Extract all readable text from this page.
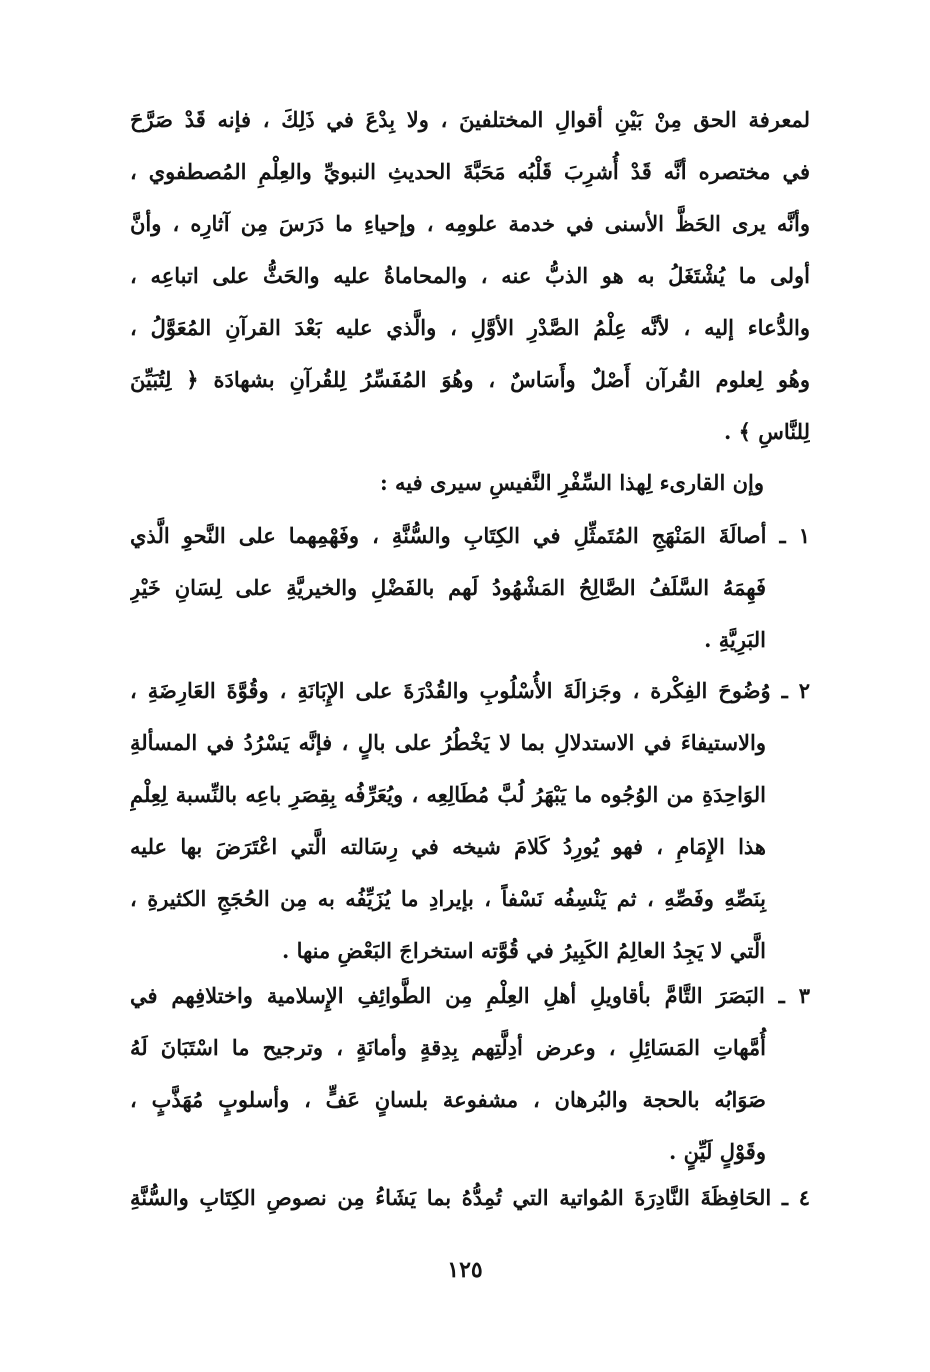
لمعرفة الحق مِنْ بَيْنِ أقوالِ المختلفينَ ، ولا بِدْعَ في ذَلِكَ ، فإنه قَدْ صَرَّحَ
في مختصره أنَّه قَدْ أُشرِبَ قَلْبُه مَحَبَّةَ الحديثِ النبويِّ والعِلْمِ المُصطفوي ،
وأنَّه يرى الحَظَّ الأسنى في خدمة علومِه ، وإحياءِ ما دَرَسَ مِن آثارِه ، وأنَّ
أولى ما يُشْتَغَلُ به هو الذبُّ عنه ، والمحاماةُ عليه والحَثُّ على اتباعِه ،
والدُّعاء إليه ، لأنَّه عِلْمُ الصَّدْرِ الأوَّلِ ، والَّذي عليه بَعْدَ القرآنِ المُعَوَّلُ ،
وهُو لِعلوم القُرآن أَصْلٌ وأَسَاسٌ ، وهُوَ المُفَسِّرُ لِلقُرآنِ بشهادَة ﴿ لِتُبَيِّنَ
لِلنَّاسِ ﴾ .
وإن القارىء لِهذا السِّفْرِ النَّفيسِ سيرى فيه :
١ ـ أصالَةَ المَنْهَجِ المُتَمثِّلِ في الكِتَابِ والسُّنَّةِ ، وفَهْمِهما على النَّحوِ الَّذي
فَهِمَهُ السَّلَفُ الصَّالِحُ المَشْهُودُ لَهم بالفَضْلِ والخيريَّةِ على لِسَانِ خَيْرِ
البَرِيَّةِ .
٢ ـ وُضُوحَ الفِكْرة ، وجَزالَةَ الأُسْلُوبِ والقُدْرَةَ على الإِبَانَةِ ، وقُوَّةَ العَارِضَةِ ،
والاستيفاءَ في الاستدلالِ بما لا يَخْطُرُ على بالٍ ، فإنَّه يَسْرُدُ في المسألةِ
الوَاحِدَةِ من الوُجُوه ما يَبْهَرُ لُبَّ مُطَالِعِه ، ويُعَرِّفُه بِقِصَرِ باعِه بالنِّسبة لِعِلْمِ
هذا الإِمَامِ ، فهو يُورِدُ كَلامَ شيخه في رِسَالته الَّتي اعْتَرَضَ بها عليه
بِنَصِّهِ وفَصِّهِ ، ثم يَنْسِفُه نَسْفاً ، بإيرادِ ما يُزَيِّفُه به مِن الحُجَجِ الكثيرةِ ،
الَّتي لا يَجِدُ العالِمُ الكَبِيرُ في قُوَّته استخراجَ البَعْضِ منها .
٣ ـ البَصَرَ التَّامَّ بأقاويلِ أهلِ العِلْمِ مِن الطَّوائِفِ الإِسلامية واختلافِهم في
أُمَّهاتِ المَسَائِلِ ، وعرض أدِلَّتِهم بِدِقةٍ وأمانَةٍ ، وترجيح ما اسْتَبَانَ لَهُ
صَوَابُه بالحجة والبُرهان ، مشفوعة بلسانٍ عَفٍّ ، وأسلوبٍ مُهَذَّبٍ ،
وقَوْلٍ لَيِّنٍ .
٤ ـ الحَافِظَةَ النَّادِرَةَ المُواتية التي تُمِدُّهُ بما يَشَاءُ مِن نصوصِ الكِتَابِ والسُّنَّةِ
١٢٥
